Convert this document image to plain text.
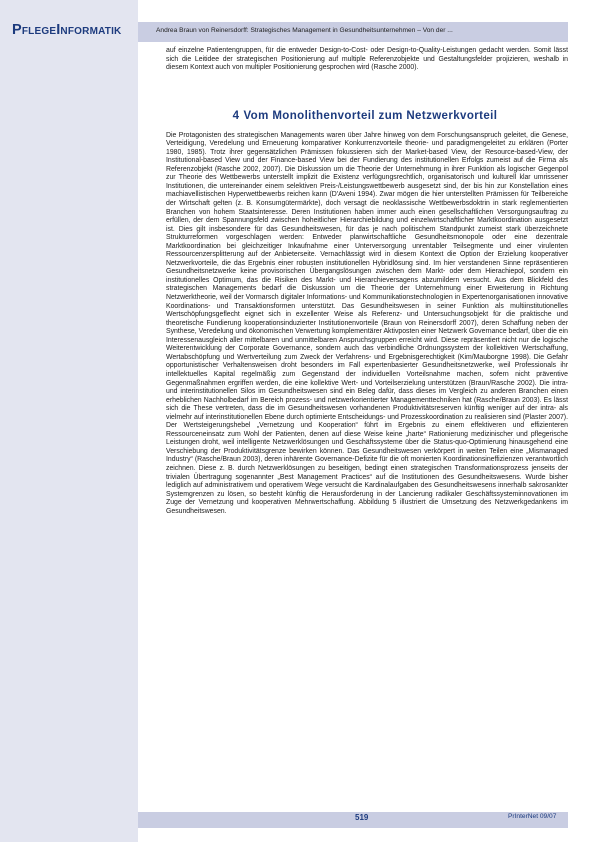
PflegeInformatik	Andrea Braun von Reinersdorff: Strategisches Management in Gesundheitsunternehmen – Von der ...

auf einzelne Patientengruppen, für die entweder Design-to-Cost- oder Design-to-Quality-Leistungen gedacht werden. Somit lässt sich die Leitidee der strategischen Positionierung auf multiple Referenzobjekte und Gestaltungsfelder projizieren, weshalb in diesem Kontext auch von multipler Positionierung gesprochen wird (Rasche 2000).

4 Vom Monolithenvorteil zum Netzwerkvorteil

Die Protagonisten des strategischen Managements waren über Jahre hinweg von dem Forschungsanspruch geleitet, die Genese, Verteidigung, Veredelung und Erneuerung komparativer Konkurrenzvorteile theorie- und paradigmengeleitet zu erklären (Porter 1980, 1985). Trotz ihrer gegensätzlichen Prämissen fokussieren sich der Market-based View, der Resource-based-View, der Institutional-based View und der Finance-based View bei der Fundierung des institutionellen Erfolgs zumeist auf die Firma als Referenzobjekt (Rasche 2002, 2007). Die Diskussion um die Theorie der Unternehmung in ihrer Funktion als logischer Gegenpol zur Theorie des Wettbewerbs unterstellt implizit die Existenz verfügungsrechtlich, organisatorisch und kulturell klar umrissener Institutionen, die untereinander einem selektiven Preis-/Leistungswettbewerb ausgesetzt sind, der bis hin zur Konstellation eines machiavellistischen Hyperwettbewerbs reichen kann (D'Aveni 1994). Zwar mögen die hier unterstellten Prämissen für Teilbereiche der Wirtschaft gelten (z. B. Konsumgütermärkte), doch versagt die neoklassische Wettbewerbsdoktrin in stark reglementierten Branchen von hohem Staatsinteresse. Deren Institutionen haben immer auch einen gesellschaftlichen Versorgungsauftrag zu erfüllen, der dem Spannungsfeld zwischen hoheitlicher Hierarchiebildung und einzelwirtschaftlicher Marktkoordination ausgesetzt ist. Dies gilt insbesondere für das Gesundheitswesen, für das je nach politischem Standpunkt zumeist stark überzeichnete Strukturreformen vorgeschlagen werden: Entweder planwirtschaftliche Gesundheitsmonopole oder eine dezentrale Marktkoordination bei gleichzeitiger Inkaufnahme einer Unterversorgung unrentabler Teilsegmente und einer virulenten Ressourcenzersplitterung auf der Anbieterseite. Vernachlässigt wird in diesem Kontext die Option der Erzielung kooperativer Netzwerkvorteile, die das Ergebnis einer robusten institutionellen Hybridlösung sind. Im hier verstandenen Sinne repräsentieren Gesundheitsnetzwerke keine provisorischen Übergangslösungen zwischen dem Markt- oder dem Hierachiepol, sondern ein institutionelles Optimum, das die Risiken des Markt- und Hierarchieversagens abzumildern versucht. Aus dem Blickfeld des strategischen Managements bedarf die Diskussion um die Theorie der Unternehmung einer Erweiterung in Richtung Netzwerktheorie, weil der Vormarsch digitaler Informations- und Kommunikationstechnologien in Expertenorganisationen innovative Koordinations- und Transaktionsformen unterstützt. Das Gesundheitswesen in seiner Funktion als multiinstitutionelles Wertschöpfungsgeflecht eignet sich in exzellenter Weise als Referenz- und Untersuchungsobjekt für die praktische und theoretische Fundierung kooperationsinduzierter Institutionenvorteile (Braun von Reinersdorff 2007), deren Schaffung neben der Synthese, Veredelung und ökonomischen Verwertung komplementärer Aktivposten einer Netzwerk Governance bedarf, über die ein Interessenausgleich aller mittelbaren und unmittelbaren Anspruchsgruppen erreicht wird. Diese repräsentiert nicht nur die logische Weiterentwicklung der Corporate Governance, sondern auch das verbindliche Ordnungssystem der kollektiven Wertschaffung, Wertabschöpfung und Wertverteilung zum Zweck der Verfahrens- und Ergebnisgerechtigkeit (Kim/Mauborgne 1998). Die Gefahr opportunistischer Verhaltensweisen droht besonders im Fall expertenbasierter Gesundheitsnetzwerke, weil Professionals ihr intellektuelles Kapital regelmäßig zum Gegenstand der individuellen Vorteilsnahme machen, sofern nicht präventive Gegenmaßnahmen ergriffen werden, die eine kollektive Wert- und Vorteilserzielung unterstützen (Braun/Rasche 2002). Die intra- und interinstitutionellen Silos im Gesundheitswesen sind ein Beleg dafür, dass dieses im Vergleich zu anderen Branchen einen erheblichen Nachholbedarf im Bereich prozess- und netzwerkorientierter Managementtechniken hat (Rasche/Braun 2003). Es lässt sich die These vertreten, dass die im Gesundheitswesen vorhandenen Produktivitätsreserven künftig weniger auf der intra- als vielmehr auf interinstitutionellen Ebene durch optimierte Entscheidungs- und Prozesskoordination zu realisieren sind (Plaster 2007). Der Wertsteigerungshebel „Vernetzung und Kooperation“ führt im Ergebnis zu einem effektiveren und effizienteren Ressourceneinsatz zum Wohl der Patienten, denen auf diese Weise keine „harte“ Rationierung medizinischer und pflegerische Leistungen droht, weil intelligente Netzwerklösungen und Geschäftssysteme über die Status-quo-Optimierung hinausgehend eine Verschiebung der Produktivitätsgrenze bewirken können. Das Gesundheitswesen verkörpert in weiten Teilen eine „Mismanaged Industry“ (Rasche/Braun 2003), deren inhärente Governance-Defizite für die oft monierten Koordinationsineffizienzen verantwortlich zeichnen. Diese z. B. durch Netzwerklösungen zu beseitigen, bedingt einen strategischen Transformationsprozess jenseits der trivialen Übertragung sogenannter „Best Management Practices“ auf die Institutionen des Gesundheitswesens. Wurde bisher lediglich auf administrativem und operativem Wege versucht die Kardinalaufgaben des Gesundheitswesens innerhalb sakrosankter Systemgrenzen zu lösen, so besteht künftig die Herausforderung in der Lancierung radikaler Geschäftssysteminnovationen im Zuge der Vernetzung und kooperativen Mehrwertschaffung. Abbildung 5 illustriert die Umsetzung des Netzwerkgedankens im Gesundheitswesen.

519	PrInterNet 09/07
